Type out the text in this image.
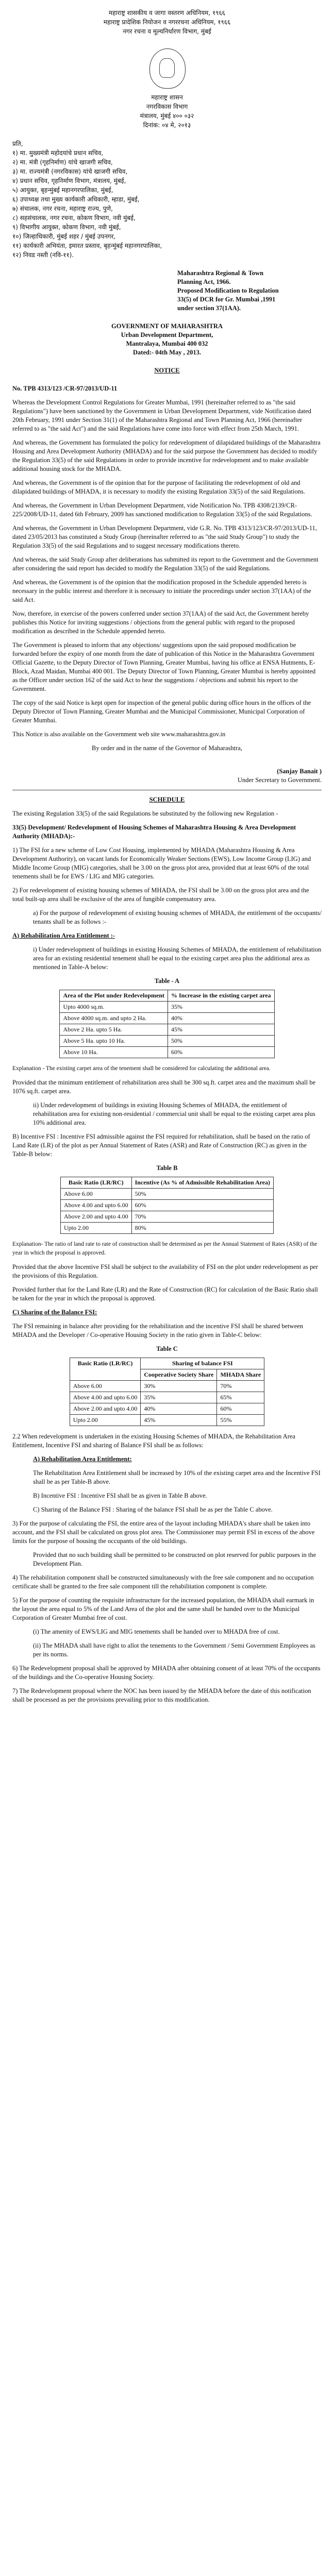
महाराष्ट्र शासकीय व जागा वस्तरण अधिनियम, १९६६
महाराष्ट्र प्रादेशिक नियोजन व नगररचना अधिनियम, १९६६
नगर रचना व मूल्यनिर्धारण विभाग, मुंबई
महाराष्ट्र शासन
नगरविकास विभाग
मंत्रालय, मुंबई ४०० ०३२
दिनांक: ०४ मे, २०१३
प्रति,
१) मा. मुख्यमंत्री महोदयांचे प्रधान सचिव,
२) मा. मंत्री (गृहनिर्माण) यांचे खाजगी सचिव,
३) मा. राज्यमंत्री (नगरविकास) यांचे खाजगी सचिव,
४) प्रधान सचिव, गृहनिर्माण विभाग, मंत्रालय, मुंबई,
५) आयुक्त, बृहन्मुंबई महानगरपालिका, मुंबई,
६) उपाध्यक्ष तथा मुख्य कार्यकारी अधिकारी, म्हाडा, मुंबई,
७) संचालक, नगर रचना, महाराष्ट्र राज्य, पुणे,
८) सहसंचालक, नगर रचना, कोकण विभाग, नवी मुंबई,
९) विभागीय आयुक्त, कोकण विभाग, नवी मुंबई,
१०) जिल्हाधिकारी, मुंबई शहर / मुंबई उपनगर,
११) कार्यकारी अभियंता, इमारत प्रस्ताव, बृहन्मुंबई महानगरपालिका,
१२) निवड नस्ती (नवि-११).
Maharashtra Regional & Town
Planning Act, 1966.
Proposed Modification to Regulation
33(5) of DCR for Gr. Mumbai ,1991
under section 37(1AA).
GOVERNMENT OF MAHARASHTRA
Urban Development Department,
Mantralaya, Mumbai 400 032
Dated:- 04th May , 2013.
NOTICE
No. TPB 4313/123 /CR-97/2013/UD-11

Whereas the Development Control Regulations for Greater Mumbai, 1991 (hereinafter referred to as "the said Regulations") have been sanctioned by the Government in Urban Development Department, vide Notification dated 20th February, 1991 under Section 31(1) of the Maharashtra Regional and Town Planning Act, 1966 (hereinafter referred to as "the said Act") and the said Regulations have come into force with effect from 25th March, 1991.

And whereas, the Government has formulated the policy for redevelopment of dilapidated buildings of the Maharashtra Housing and Area Development Authority (MHADA) and for the said purpose the Government has decided to modify the Regulation 33(5) of the said Regulations in order to provide incentive for redevelopment and to make available additional housing stock for the MHADA.

And whereas, the Government is of the opinion that for the purpose of facilitating the redevelopment of old and dilapidated buildings of MHADA, it is necessary to modify the existing Regulation 33(5) of the said Regulations.

And whereas, the Government in Urban Development Department, vide Notification No. TPB 4308/2139/CR-225/2008/UD-11, dated 6th February, 2009 has sanctioned modification to Regulation 33(5) of the said Regulations.

And whereas, the Government in Urban Development Department, vide G.R. No. TPB 4313/123/CR-97/2013/UD-11, dated 23/05/2013 has constituted a Study Group (hereinafter referred to as "the said Study Group") to study the Regulation 33(5) of the said Regulations and to suggest necessary modifications thereto.

And whereas, the said Study Group after deliberations has submitted its report to the Government and the Government after considering the said report has decided to modify the Regulation 33(5) of the said Regulations.

And whereas, the Government is of the opinion that the modification proposed in the Schedule appended hereto is necessary in the public interest and therefore it is necessary to initiate the proceedings under section 37(1AA) of the said Act.

Now, therefore, in exercise of the powers conferred under section 37(1AA) of the said Act, the Government hereby publishes this Notice for inviting suggestions / objections from the general public with regard to the proposed modification as described in the Schedule appended hereto.

The Government is pleased to inform that any objections/ suggestions upon the said proposed modification be forwarded before the expiry of one month from the date of publication of this Notice in the Maharashtra Government Official Gazette, to the Deputy Director of Town Planning, Greater Mumbai, having his office at ENSA Hutments, E-Block, Azad Maidan, Mumbai 400 001. The Deputy Director of Town Planning, Greater Mumbai is hereby appointed as the Officer under section 162 of the said Act to hear the suggestions / objections and submit his report to the Government.

The copy of the said Notice is kept open for inspection of the general public during office hours in the offices of the Deputy Director of Town Planning, Greater Mumbai and the Municipal Commissioner, Municipal Corporation of Greater Mumbai.

This Notice is also available on the Government web site www.maharashtra.gov.in

By order and in the name of the Governor of Maharashtra,
(Sanjay Banait )
Under Secretary to Government.
SCHEDULE

The existing Regulation 33(5) of the said Regulations be substituted by the following new Regulation -

33(5) Development/ Redevelopment of Housing Schemes of Maharashtra Housing & Area Development Authority (MHADA):-

1) The FSI for a new scheme of Low Cost Housing, implemented by MHADA (Maharashtra Housing & Area Development Authority), on vacant lands for Economically Weaker Sections (EWS), Low Income Group (LIG) and Middle Income Group (MIG) categories, shall be 3.00 on the gross plot area, provided that at least 60% of the total tenements shall be for EWS / LIG and MIG categories.

2) For redevelopment of existing housing schemes of MHADA, the FSI shall be 3.00 on the gross plot area and the total built-up area shall be exclusive of the area of fungible compensatory area.

a) For the purpose of redevelopment of existing housing schemes of MHADA, the entitlement of the occupants/ tenants shall be as follows :-

A) Rehabilitation Area Entitlement :-

i) Under redevelopment of buildings in existing Housing Schemes of MHADA, the entitlement of rehabilitation area for an existing residential tenement shall be equal to the existing carpet area plus the additional area as mentioned in Table-A below:

Table - A
Area of the Plot under Redevelopment	% Increase in the existing carpet area
Upto 4000 sq.m.	35%
Above 4000 sq.m. and upto 2 Ha.	40%
Above 2 Ha. upto 5 Ha.	45%
Above 5 Ha. upto 10 Ha.	50%
Above 10 Ha.	60%

Explanation - The existing carpet area of the tenement shall be considered for calculating the additional area.

Provided that the minimum entitlement of rehabilitation area shall be 300 sq.ft. carpet area and the maximum shall be 1076 sq.ft. carpet area.

ii) Under redevelopment of buildings in existing Housing Schemes of MHADA, the entitlement of rehabilitation area for existing non-residential / commercial unit shall be equal to the existing carpet area plus 10% additional area.

B) Incentive FSI : Incentive FSI admissible against the FSI required for rehabilitation, shall be based on the ratio of Land Rate (LR) of the plot as per Annual Statement of Rates (ASR) and Rate of Construction (RC) as given in the Table-B below:

Table B
Basic Ratio (LR/RC)	Incentive (As % of Admissible Rehabilitation Area)
Above 6.00	50%
Above 4.00 and upto 6.00	60%
Above 2.00 and upto 4.00	70%
Upto 2.00	80%

Explanation- The ratio of land rate to rate of construction shall be determined as per the Annual Statement of Rates (ASR) of the year in which the proposal is approved.

Provided that the above Incentive FSI shall be subject to the availability of FSI on the plot under redevelopment as per the provisions of this Regulation.

Provided further that for the Land Rate (LR) and the Rate of Construction (RC) for calculation of the Basic Ratio shall be taken for the year in which the proposal is approved.

C) Sharing of the Balance FSI:

The FSI remaining in balance after providing for the rehabilitation and the incentive FSI shall be shared between MHADA and the Developer / Co-operative Housing Society in the ratio given in Table-C below:

Table C
Basic Ratio (LR/RC)	Sharing of balance FSI	
	Cooperative Society Share	MHADA Share
Above 6.00	30%	70%
Above 4.00 and upto 6.00	35%	65%
Above 2.00 and upto 4.00	40%	60%
Upto 2.00	45%	55%

2.2 When redevelopment is undertaken in the existing Housing Schemes of MHADA, the Rehabilitation Area Entitlement, Incentive FSI and sharing of Balance FSI shall be as follows:

A) Rehabilitation Area Entitlement:

The Rehabilitation Area Entitlement shall be increased by 10% of the existing carpet area and the Incentive FSI shall be as per Table-B above.

B) Incentive FSI : Incentive FSI shall be as given in Table B above.

C) Sharing of the Balance FSI : Sharing of the balance FSI shall be as per the Table C above.

3) For the purpose of calculating the FSI, the entire area of the layout including MHADA's share shall be taken into account, and the FSI shall be calculated on gross plot area. The Commissioner may permit FSI in excess of the above limits for the purpose of housing the occupants of the old buildings.

Provided that no such building shall be permitted to be constructed on plot reserved for public purposes in the Development Plan.

4) The rehabilitation component shall be constructed simultaneously with the free sale component and no occupation certificate shall be granted to the free sale component till the rehabilitation component is complete.

5) For the purpose of counting the requisite infrastructure for the increased population, the MHADA shall earmark in the layout the area equal to 5% of the Land Area of the plot and the same shall be handed over to the Municipal Corporation of Greater Mumbai free of cost.

(i) The amenity of EWS/LIG and MIG tenements shall be handed over to MHADA free of cost.

(ii) The MHADA shall have right to allot the tenements to the Government / Semi Government Employees as per its norms.

6) The Redevelopment proposal shall be approved by MHADA after obtaining consent of at least 70% of the occupants of the buildings and the Co-operative Housing Society.

7) The Redevelopment proposal where the NOC has been issued by the MHADA before the date of this notification shall be processed as per the provisions prevailing prior to this modification.
